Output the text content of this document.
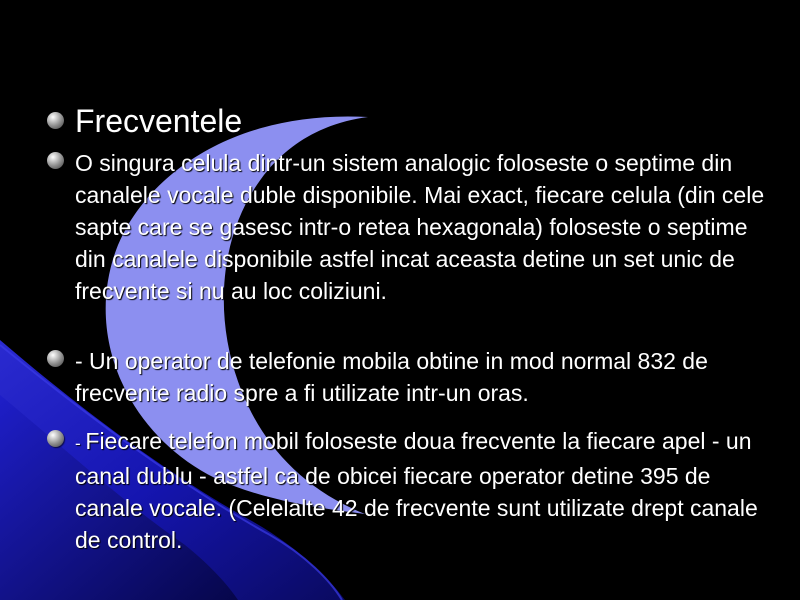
Frecventele

O singura celula dintr-un sistem analogic foloseste o septime din canalele vocale duble disponibile. Mai exact, fiecare celula (din cele sapte care se gasesc intr-o retea hexagonala) foloseste o septime din canalele disponibile astfel incat aceasta detine un set unic de frecvente si nu au loc coliziuni.

- Un operator de telefonie mobila obtine in mod normal 832 de frecvente radio spre a fi utilizate intr-un oras.

- Fiecare telefon mobil foloseste doua frecvente la fiecare apel - un canal dublu - astfel ca de obicei fiecare operator detine 395 de canale vocale. (Celelalte 42 de frecvente sunt utilizate drept canale de control.
